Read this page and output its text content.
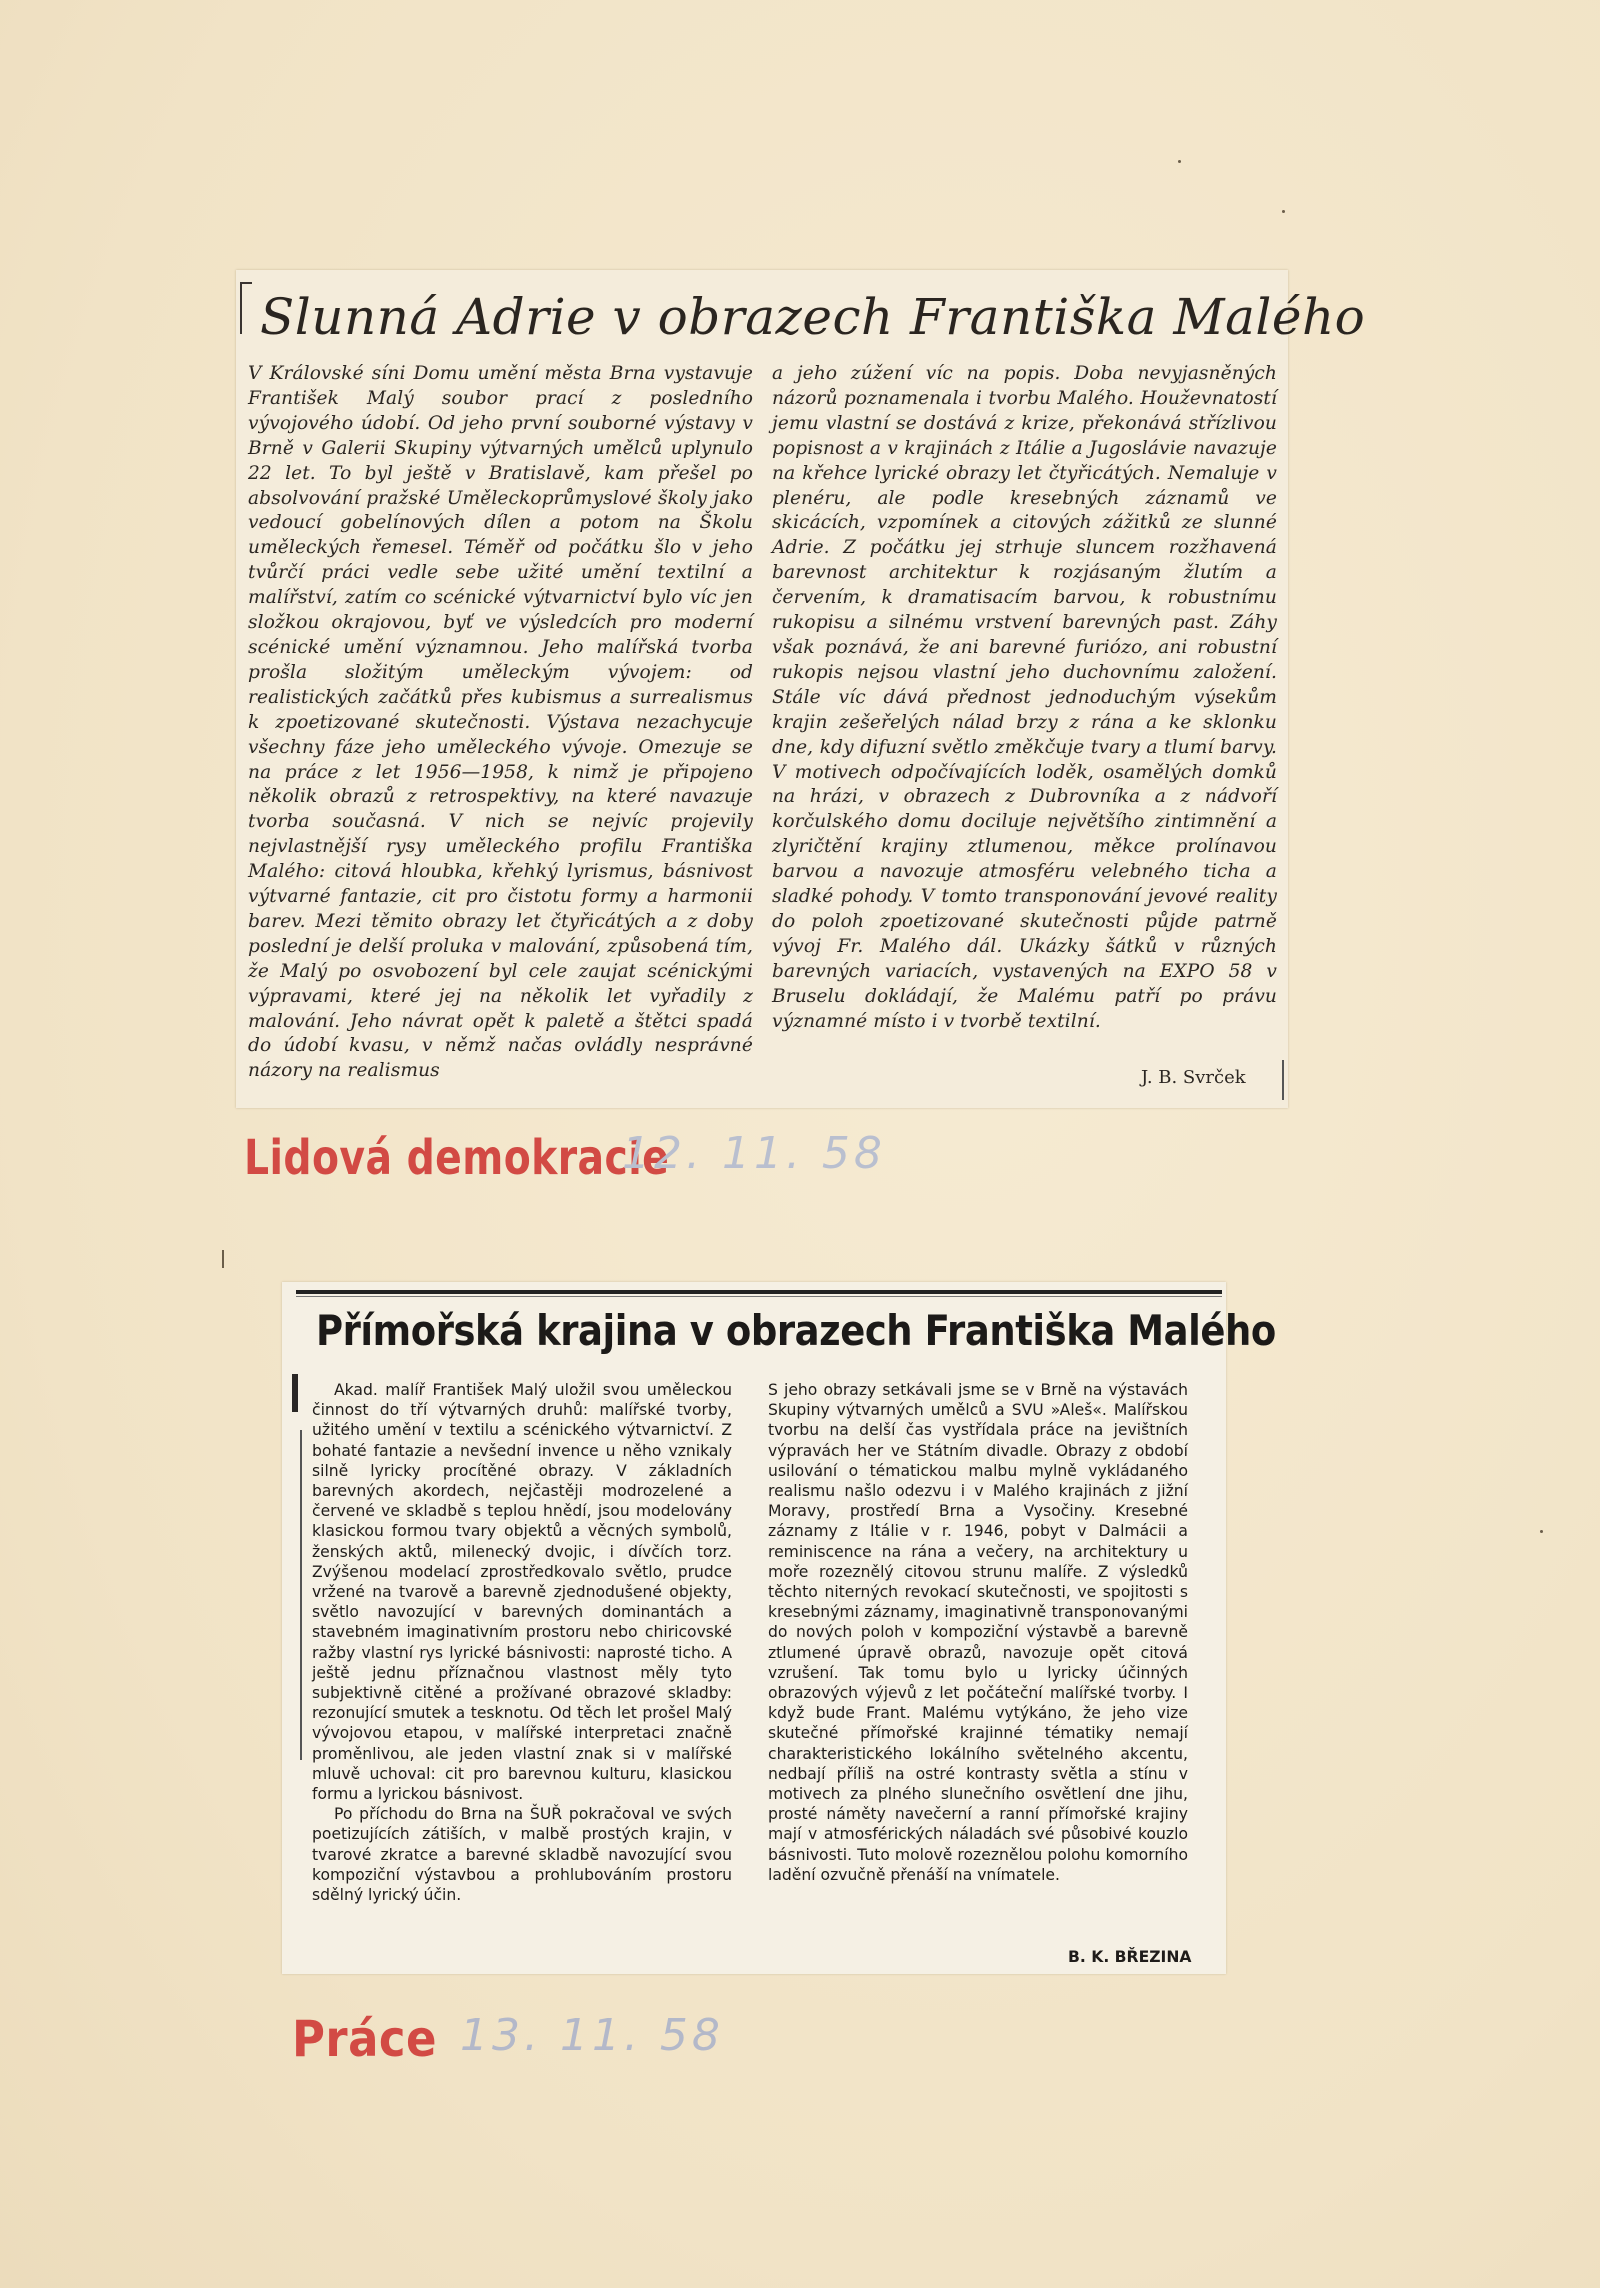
Slunná Adrie v obrazech Františka Malého

V Královské síni Domu umění města Brna vystavuje František Malý soubor prací z posledního vývojového údobí. Od jeho první souborné výstavy v Brně v Galerii Skupiny výtvarných umělců uplynulo 22 let. To byl ještě v Bratislavě, kam přešel po absolvování pražské Uměleckoprůmyslové školy jako vedoucí gobelínových dílen a potom na Školu uměleckých řemesel. Téměř od počátku šlo v jeho tvůrčí práci vedle sebe užité umění textilní a malířství, zatím co scénické výtvarnictví bylo víc jen složkou okrajovou, byť ve výsledcích pro moderní scénické umění významnou. Jeho malířská tvorba prošla složitým uměleckým vývojem: od realistických začátků přes kubismus a surrealismus k zpoetizované skutečnosti. Výstava nezachycuje všechny fáze jeho uměleckého vývoje. Omezuje se na práce z let 1956—1958, k nimž je připojeno několik obrazů z retrospektivy, na které navazuje tvorba současná. V nich se nejvíc projevily nejvlastnější rysy uměleckého profilu Františka Malého: citová hloubka, křehký lyrismus, básnivost výtvarné fantazie, cit pro čistotu formy a harmonii barev. Mezi těmito obrazy let čtyřicátých a z doby poslední je delší proluka v malování, způsobená tím, že Malý po osvobození byl cele zaujat scénickými výpravami, které jej na několik let vyřadily z malování. Jeho návrat opět k paletě a štětci spadá do údobí kvasu, v němž načas ovládly nesprávné názory na realismus

a jeho zúžení víc na popis. Doba nevyjasněných názorů poznamenala i tvorbu Malého. Houževnatostí jemu vlastní se dostává z krize, překonává střízlivou popisnost a v krajinách z Itálie a Jugoslávie navazuje na křehce lyrické obrazy let čtyřicátých. Nemaluje v plenéru, ale podle kresebných záznamů ve skicácích, vzpomínek a citových zážitků ze slunné Adrie. Z počátku jej strhuje sluncem rozžhavená barevnost architektur k rozjásaným žlutím a červením, k dramatisacím barvou, k robustnímu rukopisu a silnému vrstvení barevných past. Záhy však poznává, že ani barevné furiózo, ani robustní rukopis nejsou vlastní jeho duchovnímu založení. Stále víc dává přednost jednoduchým výsekům krajin zešeřelých nálad brzy z rána a ke sklonku dne, kdy difuzní světlo změkčuje tvary a tlumí barvy. V motivech odpočívajících loděk, osamělých domků na hrázi, v obrazech z Dubrovníka a z nádvoří korčulského domu dociluje největšího zintimnění a zlyričtění krajiny ztlumenou, měkce prolínavou barvou a navozuje atmosféru velebného ticha a sladké pohody. V tomto transponování jevové reality do poloh zpoetizované skutečnosti půjde patrně vývoj Fr. Malého dál. Ukázky šátků v různých barevných variacích, vystavených na EXPO 58 v Bruselu dokládají, že Malému patří po právu významné místo i v tvorbě textilní.

J. B. Svrček
Lidová demokracie
12. 11. 58
Přímořská krajina v obrazech Františka Malého

Akad. malíř František Malý uložil svou uměleckou činnost do tří výtvarných druhů: malířské tvorby, užitého umění v textilu a scénického výtvarnictví. Z bohaté fantazie a nevšední invence u něho vznikaly silně lyricky procítěné obrazy. V základních barevných akordech, nejčastěji modrozelené a červené ve skladbě s teplou hnědí, jsou modelovány klasickou formou tvary objektů a věcných symbolů, ženských aktů, milenecký dvojic, i dívčích torz. Zvýšenou modelací zprostředkovalo světlo, prudce vržené na tvarově a barevně zjednodušené objekty, světlo navozující v barevných dominantách a stavebném imaginativním prostoru nebo chiricovské ražby vlastní rys lyrické básnivosti: naprosté ticho. A ještě jednu příznačnou vlastnost měly tyto subjektivně citěné a prožívané obrazové skladby: rezonující smutek a tesknotu. Od těch let prošel Malý vývojovou etapou, v malířské interpretaci značně proměnlivou, ale jeden vlastní znak si v malířské mluvě uchoval: cit pro barevnou kulturu, klasickou formu a lyrickou básnivost.

Po příchodu do Brna na ŠUŘ pokračoval ve svých poetizujících zátiších, v malbě prostých krajin, v tvarové zkratce a barevné skladbě navozující svou kompoziční výstavbou a prohlubováním prostoru sdělný lyrický účin.

S jeho obrazy setkávali jsme se v Brně na výstavách Skupiny výtvarných umělců a SVU »Aleš«. Malířskou tvorbu na delší čas vystřídala práce na jevištních výpravách her ve Státním divadle. Obrazy z období usilování o tématickou malbu mylně vykládaného realismu našlo odezvu i v Malého krajinách z jižní Moravy, prostředí Brna a Vysočiny. Kresebné záznamy z Itálie v r. 1946, pobyt v Dalmácii a reminiscence na rána a večery, na architektury u moře rozeznělý citovou strunu malíře. Z výsledků těchto niterných revokací skutečnosti, ve spojitosti s kresebnými záznamy, imaginativně transponovanými do nových poloh v kompoziční výstavbě a barevně ztlumené úpravě obrazů, navozuje opět citová vzrušení. Tak tomu bylo u lyricky účinných obrazových výjevů z let počáteční malířské tvorby. I když bude Frant. Malému vytýkáno, že jeho vize skutečné přímořské krajinné tématiky nemají charakteristického lokálního světelného akcentu, nedbají příliš na ostré kontrasty světla a stínu v motivech za plného slunečního osvětlení dne jihu, prosté náměty navečerní a ranní přímořské krajiny mají v atmosférických náladách své působivé kouzlo básnivosti. Tuto molově rozeznělou polohu komorního ladění ozvučně přenáší na vnímatele.

B. K. BŘEZINA
Práce 13. 11. 58
